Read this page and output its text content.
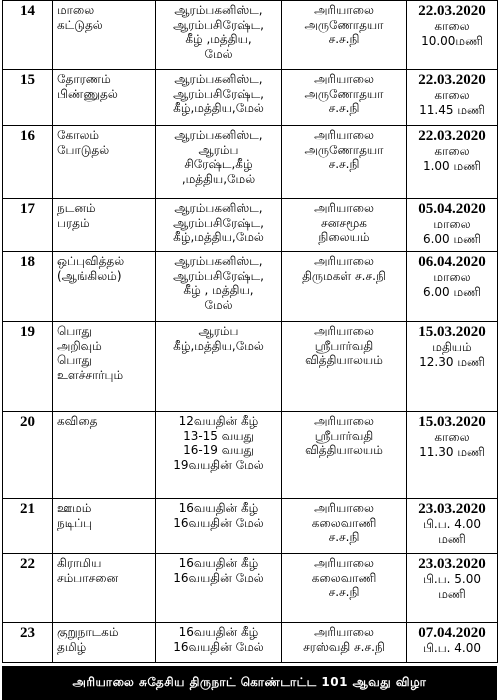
14	மாலை
கட்டுதல்	ஆரம்பகனிஸ்ட,
ஆரம்பசிரேஷ்ட,
கீழ் ,மத்திய,
மேல்	அரியாலை
அருணோதயா
ச.ச.நி	22.03.2020
காலை
10.00மணி

15	தோரணம்
பிண்ணுதல்	ஆரம்பகனிஸ்ட,
ஆரம்பசிரேஷ்ட,
கீழ்,மத்திய,மேல்	அரியாலை
அருணோதயா
ச.ச.நி	22.03.2020
காலை
11.45 மணி

16	கோலம்
போடுதல்	ஆரம்பகனிஸ்ட,
ஆரம்ப
சிரேஷ்ட,கீழ்
,மத்திய,மேல்	அரியாலை
அருணோதயா
ச.ச.நி	22.03.2020
காலை
1.00 மணி

17	நடனம்
பரதம்	ஆரம்பகனிஸ்ட,
ஆரம்பசிரேஷ்ட,
கீழ்,மத்திய,மேல்	அரியாலை
சனசமூக
நிலையம்	05.04.2020
மாலை
6.00 மணி

18	ஒப்புவித்தல்
(ஆங்கிலம்)	ஆரம்பகனிஸ்ட,
ஆரம்பசிரேஷ்ட,
கீழ் , மத்திய,
மேல்	அரியாலை
திருமகள் ச.ச.நி	06.04.2020
மாலை
6.00 மணி

19	பொது
அறிவும்
பொது
உளச்சார்பும்	ஆரம்ப
கீழ்,மத்திய,மேல்	அரியாலை
ஸ்ரீபார்வதி
வித்தியாலயம்	15.03.2020
மதியம்
12.30 மணி

20	கவிதை	12வயதின் கீழ்
13-15 வயது
16-19 வயது
19வயதின் மேல்	அரியாலை
ஸ்ரீபார்வதி
வித்தியாலயம்	15.03.2020
காலை
11.30 மணி

21	ஊமம்
நடிப்பு	16வயதின் கீழ்
16வயதின் மேல்	அரியாலை
கலைவாணி
ச.ச.நி	23.03.2020
பி.ப. 4.00
மணி

22	கிராமிய
சம்பாசனை	16வயதின் கீழ்
16வயதின் மேல்	அரியாலை
கலைவாணி
ச.ச.நி	23.03.2020
பி.ப. 5.00
மணி

23	குறுநாடகம்
தமிழ்	16வயதின் கீழ்
16வயதின் மேல்	அரியாலை
சரஸ்வதி ச.ச.நி	07.04.2020
பி.ப. 4.00
அரியாலை சுதேசிய திருநாட் கொண்டாட்ட 101 ஆவது விழா
